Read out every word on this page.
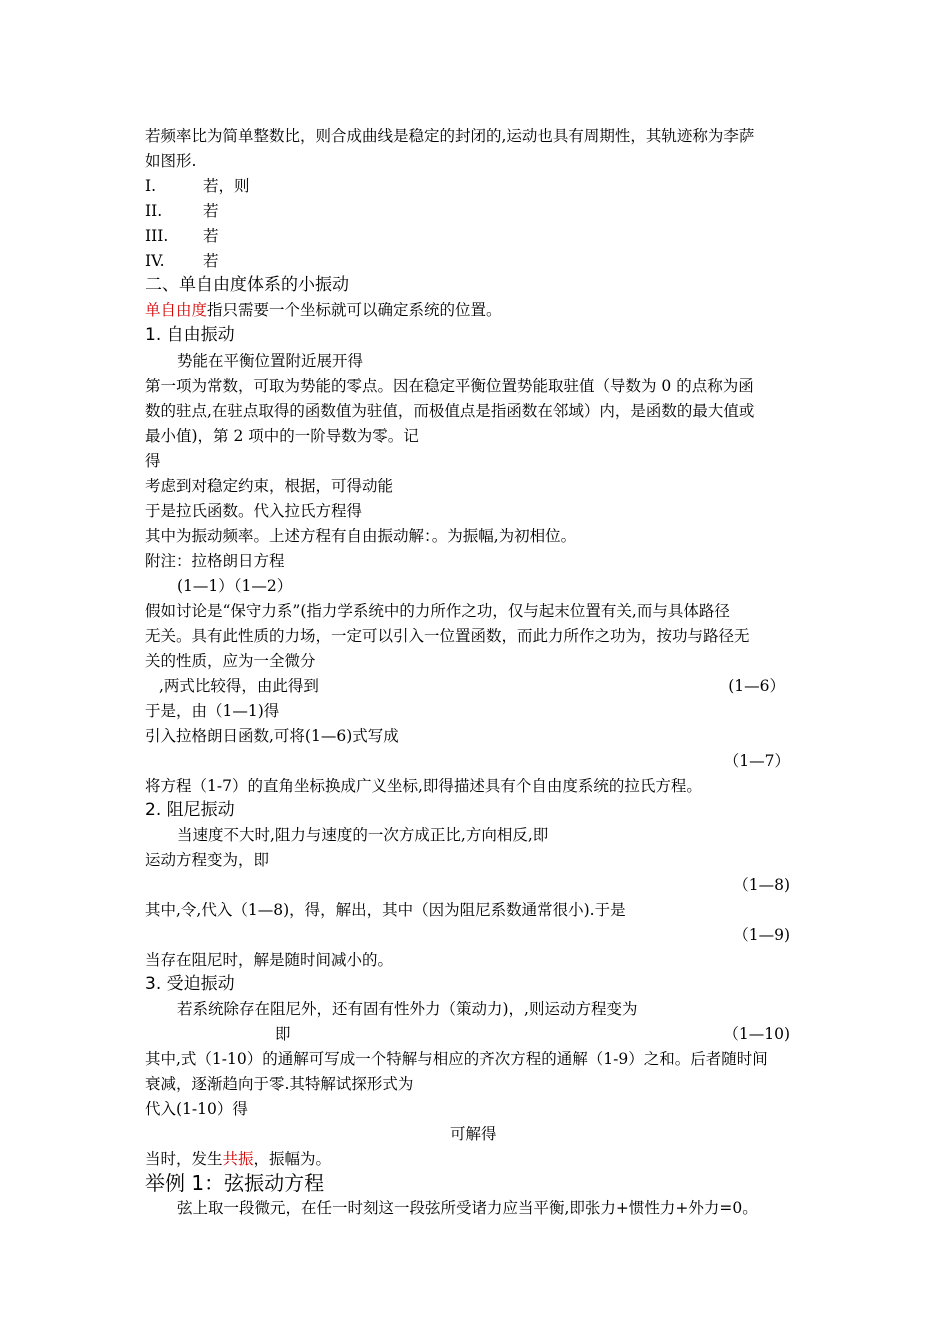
若频率比为简单整数比，则合成曲线是稳定的封闭的,运动也具有周期性，其轨迹称为李萨
如图形.
I.	若，则
II.	若
III. 若
IV. 若
二、单自由度体系的小振动
单自由度指只需要一个坐标就可以确定系统的位置。
1. 自由振动
势能在平衡位置附近展开得
第一项为常数，可取为势能的零点。因在稳定平衡位置势能取驻值（导数为 0 的点称为函
数的驻点,在驻点取得的函数值为驻值，而极值点是指函数在邻域）内，是函数的最大值或
最小值)，第 2 项中的一阶导数为零。记
得
考虑到对稳定约束，根据，可得动能
于是拉氏函数。代入拉氏方程得
其中为振动频率。上述方程有自由振动解：。为振幅,为初相位。
附注：拉格朗日方程
(1—1）（1—2）
假如讨论是“保守力系”(指力学系统中的力所作之功，仅与起末位置有关,而与具体路径
无关。具有此性质的力场，一定可以引入一位置函数，而此力所作之功为，按功与路径无
关的性质，应为一全微分
,两式比较得，由此得到	(1—6）
于是，由（1—1)得
引入拉格朗日函数,可将(1—6)式写成
（1—7）
将方程（1-7）的直角坐标换成广义坐标,即得描述具有个自由度系统的拉氏方程。
2. 阻尼振动
当速度不大时,阻力与速度的一次方成正比,方向相反,即
运动方程变为，即
（1—8)
其中,令,代入（1—8)，得，解出，其中（因为阻尼系数通常很小).于是
（1—9)
当存在阻尼时，解是随时间减小的。
3. 受迫振动
若系统除存在阻尼外，还有固有性外力（策动力)，,则运动方程变为
即	（1—10)
其中,式（1-10）的通解可写成一个特解与相应的齐次方程的通解（1-9）之和。后者随时间
衰减，逐渐趋向于零.其特解试探形式为
代入(1-10）得
可解得
当时，发生共振，振幅为。
举例 1：弦振动方程
弦上取一段微元，在任一时刻这一段弦所受诸力应当平衡,即张力+惯性力+外力=0。
